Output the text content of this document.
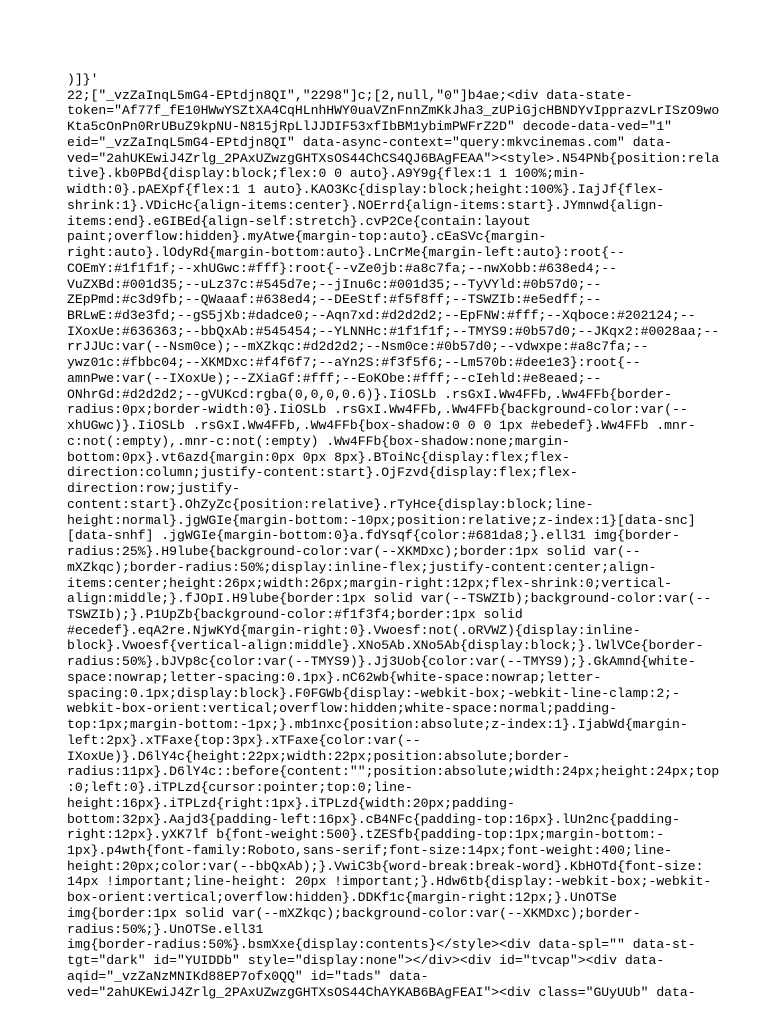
)]}'
22;["_vzZaInqL5mG4-EPtdjn8QI","2298"]c;[2,null,"0"]b4ae;<div data-state-
token="Af77f_fE10HWwYSZtXA4CqHLnhHWY0uaVZnFnnZmKkJha3_zUPiGjcHBNDYvIpprazvLrISzO9wo
Kta5cOnPn0RrUBuZ9kpNU-N815jRpLlJJDIF53xfIbBM1ybimPWFrZ2D" decode-data-ved="1"
eid="_vzZaInqL5mG4-EPtdjn8QI" data-async-context="query:mkvcinemas.com" data-
ved="2ahUKEwiJ4Zrlg_2PAxUZwzgGHTXsOS44ChCS4QJ6BAgFEAA"><style>.N54PNb{position:rela
tive}.kb0PBd{display:block;flex:0 0 auto}.A9Y9g{flex:1 1 100%;min-
width:0}.pAEXpf{flex:1 1 auto}.KAO3Kc{display:block;height:100%}.IajJf{flex-
shrink:1}.VDicHc{align-items:center}.NOErrd{align-items:start}.JYmnwd{align-
items:end}.eGIBEd{align-self:stretch}.cvP2Ce{contain:layout
paint;overflow:hidden}.myAtwe{margin-top:auto}.cEaSVc{margin-
right:auto}.lOdyRd{margin-bottom:auto}.LnCrMe{margin-left:auto}:root{--
COEmY:#1f1f1f;--xhUGwc:#fff}:root{--vZe0jb:#a8c7fa;--nwXobb:#638ed4;--
VuZXBd:#001d35;--uLz37c:#545d7e;--jInu6c:#001d35;--TyVYld:#0b57d0;--
ZEpPmd:#c3d9fb;--QWaaaf:#638ed4;--DEeStf:#f5f8ff;--TSWZIb:#e5edff;--
BRLwE:#d3e3fd;--gS5jXb:#dadce0;--Aqn7xd:#d2d2d2;--EpFNW:#fff;--Xqboce:#202124;--
IXoxUe:#636363;--bbQxAb:#545454;--YLNNHc:#1f1f1f;--TMYS9:#0b57d0;--JKqx2:#0028aa;--
rrJJUc:var(--Nsm0ce);--mXZkqc:#d2d2d2;--Nsm0ce:#0b57d0;--vdwxpe:#a8c7fa;--
ywz01c:#fbbc04;--XKMDxc:#f4f6f7;--aYn2S:#f3f5f6;--Lm570b:#dee1e3}:root{--
amnPwe:var(--IXoxUe);--ZXiaGf:#fff;--EoKObe:#fff;--cIehld:#e8eaed;--
ONhrGd:#d2d2d2;--gVUKcd:rgba(0,0,0,0.6)}.IiOSLb .rsGxI.Ww4FFb,.Ww4FFb{border-
radius:0px;border-width:0}.IiOSLb .rsGxI.Ww4FFb,.Ww4FFb{background-color:var(--
xhUGwc)}.IiOSLb .rsGxI.Ww4FFb,.Ww4FFb{box-shadow:0 0 0 1px #ebedef}.Ww4FFb .mnr-
c:not(:empty),.mnr-c:not(:empty) .Ww4FFb{box-shadow:none;margin-
bottom:0px}.vt6azd{margin:0px 0px 8px}.BToiNc{display:flex;flex-
direction:column;justify-content:start}.OjFzvd{display:flex;flex-
direction:row;justify-
content:start}.OhZyZc{position:relative}.rTyHce{display:block;line-
height:normal}.jgWGIe{margin-bottom:-10px;position:relative;z-index:1}[data-snc]
[data-snhf] .jgWGIe{margin-bottom:0}a.fdYsqf{color:#681da8;}.ell31 img{border-
radius:25%}.H9lube{background-color:var(--XKMDxc);border:1px solid var(--
mXZkqc);border-radius:50%;display:inline-flex;justify-content:center;align-
items:center;height:26px;width:26px;margin-right:12px;flex-shrink:0;vertical-
align:middle;}.fJOpI.H9lube{border:1px solid var(--TSWZIb);background-color:var(--
TSWZIb);}.P1UpZb{background-color:#f1f3f4;border:1px solid
#ecedef}.eqA2re.NjwKYd{margin-right:0}.Vwoesf:not(.oRVWZ){display:inline-
block}.Vwoesf{vertical-align:middle}.XNo5Ab.XNo5Ab{display:block;}.lWlVCe{border-
radius:50%}.bJVp8c{color:var(--TMYS9)}.Jj3Uob{color:var(--TMYS9);}.GkAmnd{white-
space:nowrap;letter-spacing:0.1px}.nC62wb{white-space:nowrap;letter-
spacing:0.1px;display:block}.F0FGWb{display:-webkit-box;-webkit-line-clamp:2;-
webkit-box-orient:vertical;overflow:hidden;white-space:normal;padding-
top:1px;margin-bottom:-1px;}.mb1nxc{position:absolute;z-index:1}.IjabWd{margin-
left:2px}.xTFaxe{top:3px}.xTFaxe{color:var(--
IXoxUe)}.D6lY4c{height:22px;width:22px;position:absolute;border-
radius:11px}.D6lY4c::before{content:"";position:absolute;width:24px;height:24px;top
:0;left:0}.iTPLzd{cursor:pointer;top:0;line-
height:16px}.iTPLzd{right:1px}.iTPLzd{width:20px;padding-
bottom:32px}.Aajd3{padding-left:16px}.cB4NFc{padding-top:16px}.lUn2nc{padding-
right:12px}.yXK7lf b{font-weight:500}.tZESfb{padding-top:1px;margin-bottom:-
1px}.p4wth{font-family:Roboto,sans-serif;font-size:14px;font-weight:400;line-
height:20px;color:var(--bbQxAb);}.VwiC3b{word-break:break-word}.KbHOTd{font-size:
14px !important;line-height: 20px !important;}.Hdw6tb{display:-webkit-box;-webkit-
box-orient:vertical;overflow:hidden}.DDKf1c{margin-right:12px;}.UnOTSe
img{border:1px solid var(--mXZkqc);background-color:var(--XKMDxc);border-
radius:50%;}.UnOTSe.ell31
img{border-radius:50%}.bsmXxe{display:contents}</style><div data-spl="" data-st-
tgt="dark" id="YUIDDb" style="display:none"></div><div id="tvcap"><div data-
aqid="_vzZaNzMNIKd88EP7ofx0QQ" id="tads" data-
ved="2ahUKEwiJ4Zrlg_2PAxUZwzgGHTXsOS44ChAYKAB6BAgFEAI"><div class="GUyUUb" data-
